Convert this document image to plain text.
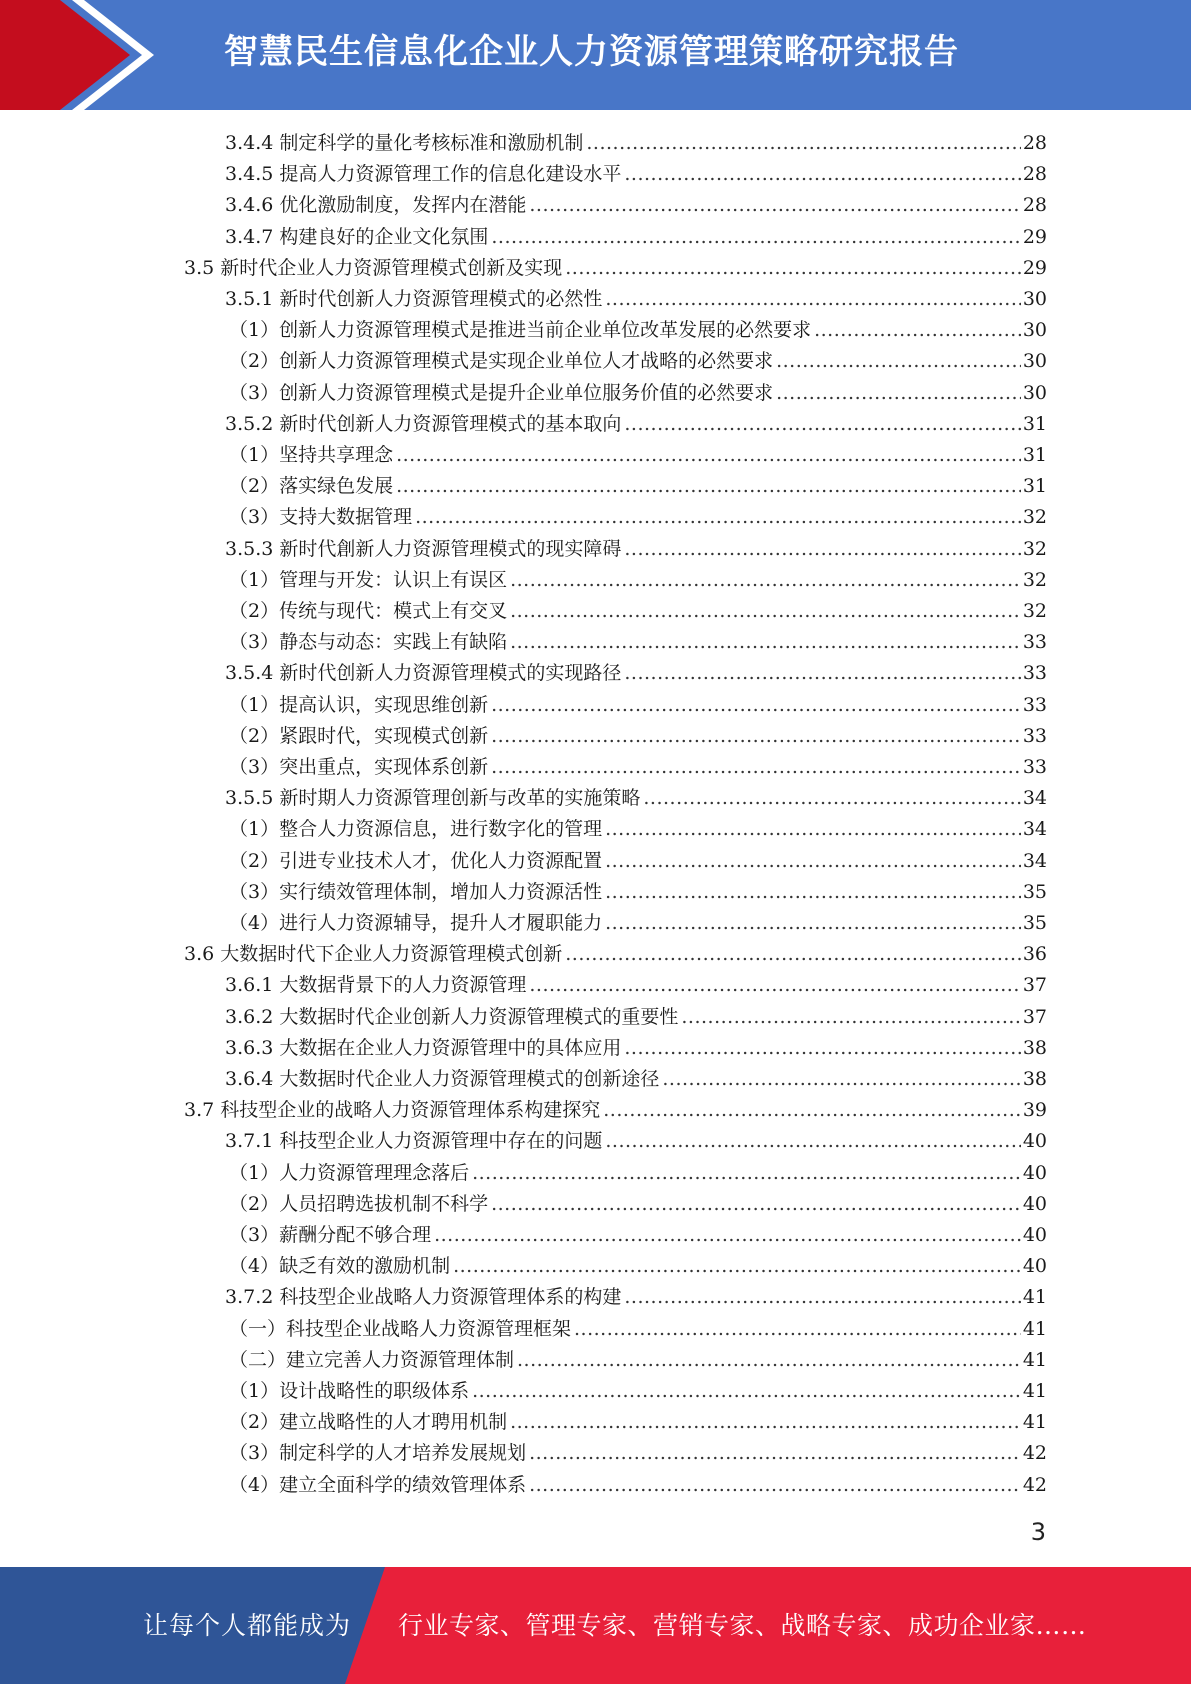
智慧民生信息化企业人力资源管理策略研究报告
3.4.4 制定科学的量化考核标准和激励机制 .....	28
3.4.5 提高人力资源管理工作的信息化建设水平 .....	28
3.4.6 优化激励制度，发挥内在潜能 .....	28
3.4.7 构建良好的企业文化氛围 .....	29
3.5 新时代企业人力资源管理模式创新及实现 .....	29
3.5.1 新时代创新人力资源管理模式的必然性 .....	30
（1）创新人力资源管理模式是推进当前企业单位改革发展的必然要求 .....	30
（2）创新人力资源管理模式是实现企业单位人才战略的必然要求 .....	30
（3）创新人力资源管理模式是提升企业单位服务价值的必然要求 .....	30
3.5.2 新时代创新人力资源管理模式的基本取向 .....	31
（1）坚持共享理念 .....	31
（2）落实绿色发展 .....	31
（3）支持大数据管理 .....	32
3.5.3 新时代創新人力资源管理模式的现实障碍 .....	32
（1）管理与开发：认识上有误区 .....	32
（2）传统与现代：模式上有交叉 .....	32
（3）静态与动态：实践上有缺陷 .....	33
3.5.4 新时代创新人力资源管理模式的实现路径 .....	33
（1）提高认识，实现思维创新 .....	33
（2）紧跟时代，实现模式创新 .....	33
（3）突出重点，实现体系创新 .....	33
3.5.5 新时期人力资源管理创新与改革的实施策略 .....	34
（1）整合人力资源信息，进行数字化的管理 .....	34
（2）引进专业技术人才，优化人力资源配置 .....	34
（3）实行绩效管理体制，增加人力资源活性 .....	35
（4）进行人力资源辅导，提升人才履职能力 .....	35
3.6 大数据时代下企业人力资源管理模式创新 .....	36
3.6.1 大数据背景下的人力资源管理 .....	37
3.6.2 大数据时代企业创新人力资源管理模式的重要性 .....	37
3.6.3 大数据在企业人力资源管理中的具体应用 .....	38
3.6.4 大数据时代企业人力资源管理模式的创新途径 .....	38
3.7 科技型企业的战略人力资源管理体系构建探究 .....	39
3.7.1 科技型企业人力资源管理中存在的问题 .....	40
（1）人力资源管理理念落后 .....	40
（2）人员招聘选拔机制不科学 .....	40
（3）薪酬分配不够合理 .....	40
（4）缺乏有效的激励机制 .....	40
3.7.2 科技型企业战略人力资源管理体系的构建 .....	41
（一）科技型企业战略人力资源管理框架 .....	41
（二）建立完善人力资源管理体制 .....	41
（1）设计战略性的职级体系 .....	41
（2）建立战略性的人才聘用机制 .....	41
（3）制定科学的人才培养发展规划 .....	42
（4）建立全面科学的绩效管理体系 .....	42
3
让每个人都能成为 行业专家、管理专家、营销专家、战略专家、成功企业家……
